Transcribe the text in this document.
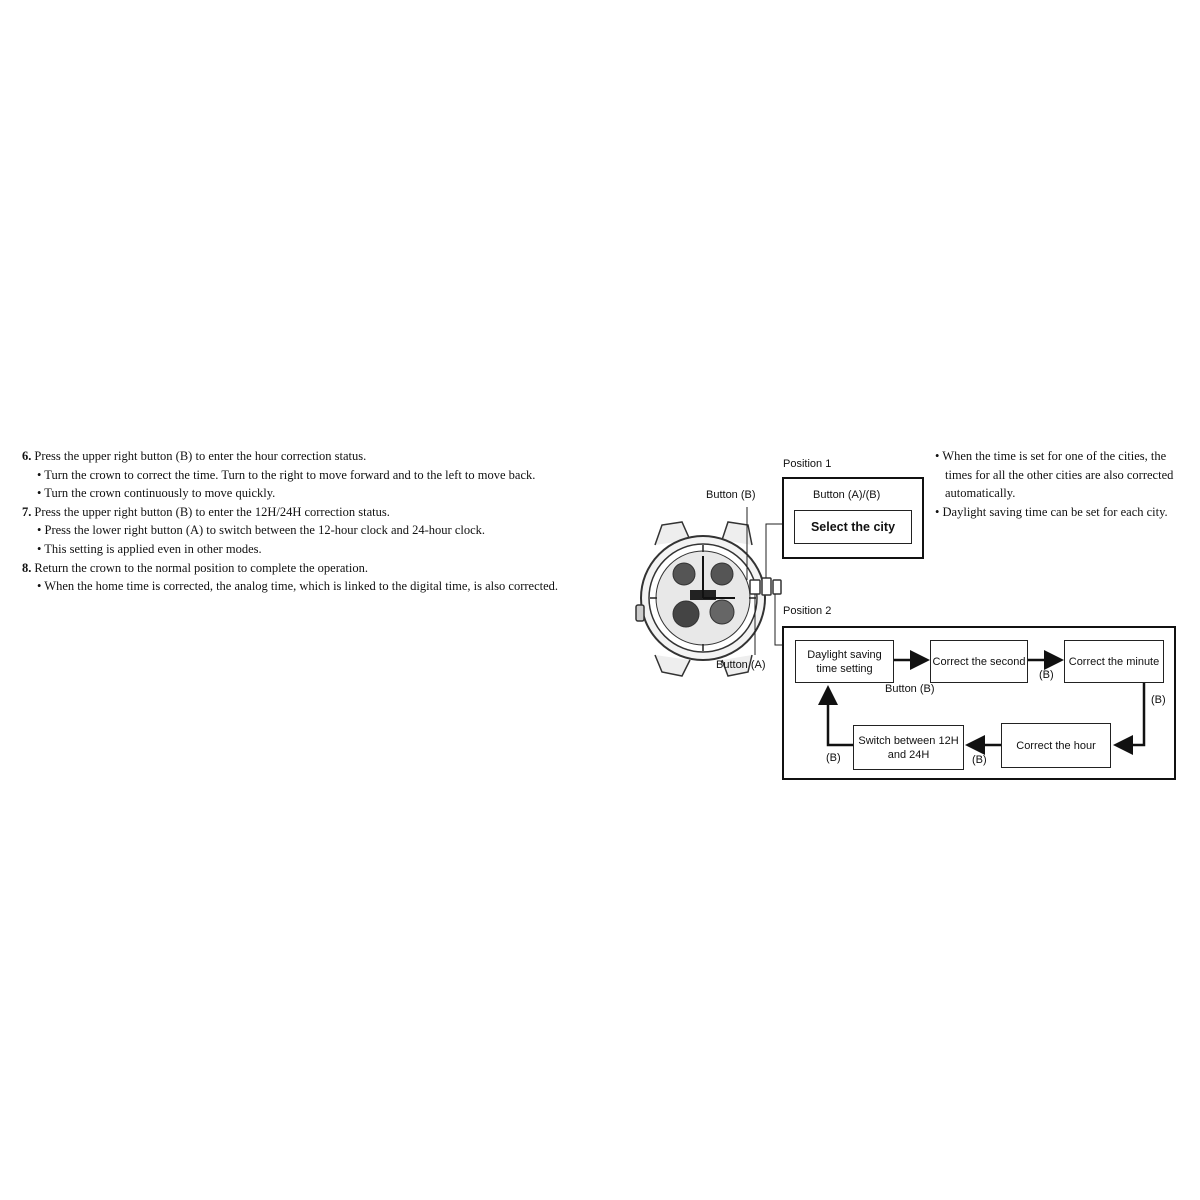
6. Press the upper right button (B) to enter the hour correction status.

• Turn the crown to correct the time. Turn to the right to move forward and to the left to move back.

• Turn the crown continuously to move quickly.

7. Press the upper right button (B) to enter the 12H/24H correction status.

• Press the lower right button (A) to switch between the 12-hour clock and 24-hour clock.

• This setting is applied even in other modes.

8. Return the crown to the normal position to complete the operation.

• When the home time is corrected, the analog time, which is linked to the digital time, is also corrected.

• When the time is set for one of the cities, the times for all the other cities are also corrected automatically.

• Daylight saving time can be set for each city.

Button (B)
Button (A)
Position 1
Button (A)/(B)
Select the city
Position 2
Daylight saving time setting
Correct the second	Correct the minute
Correct the hour
Switch between 12H and 24H
Button (B)
(B)
(B)
(B)
(B)
